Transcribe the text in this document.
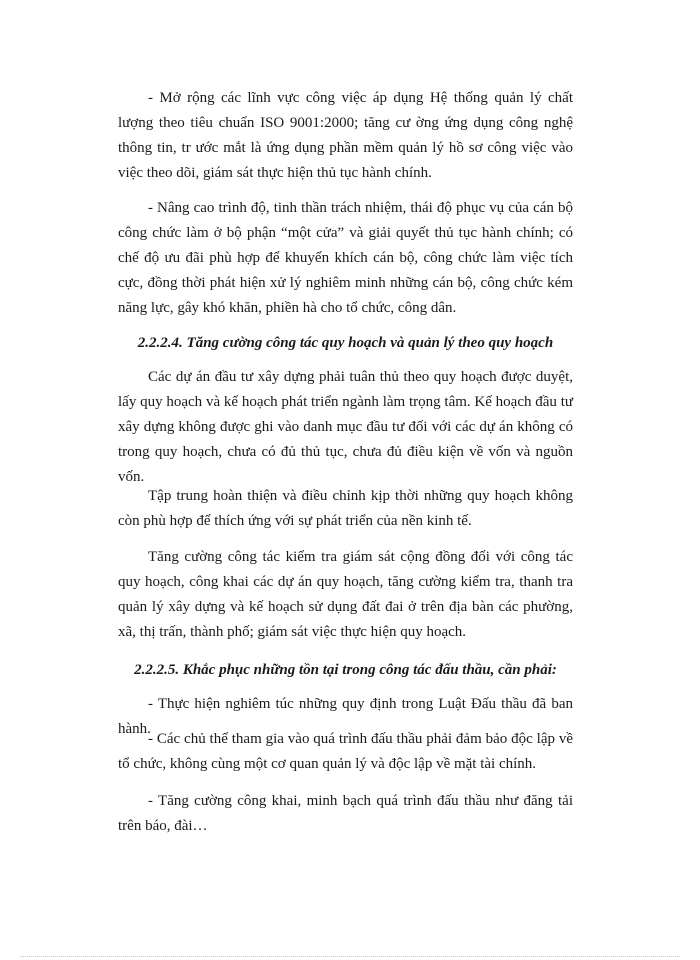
- Mở rộng các lĩnh vực công việc áp dụng Hệ thống quản lý chất lượng theo tiêu chuẩn ISO 9001:2000; tăng cư ờng ứng dụng công nghệ thông tin, tr ước mắt là ứng dụng phần mềm quản lý hồ sơ công việc vào việc theo dõi, giám sát thực hiện thủ tục hành chính.

- Nâng cao trình độ, tinh thần trách nhiệm, thái độ phục vụ của cán bộ công chức làm ở bộ phận “một cửa” và giải quyết thủ tục hành chính; có chế độ ưu đãi phù hợp để khuyến khích cán bộ, công chức làm việc tích cực, đồng thời phát hiện xử lý nghiêm minh những cán bộ, công chức kém năng lực, gây khó khăn, phiền hà cho tổ chức, công dân.

2.2.2.4. Tăng cường công tác quy hoạch và quản lý theo quy hoạch

Các dự án đầu tư xây dựng phải tuân thủ theo quy hoạch được duyệt, lấy quy hoạch và kế hoạch phát triển ngành làm trọng tâm. Kế hoạch đầu tư xây dựng không được ghi vào danh mục đầu tư đối với các dự án không có trong quy hoạch, chưa có đủ thủ tục, chưa đủ điều kiện về vốn và nguồn vốn.

Tập trung hoàn thiện và điều chỉnh kịp thời những quy hoạch không còn phù hợp để thích ứng với sự phát triển của nền kinh tế.

Tăng cường công tác kiểm tra giám sát cộng đồng đối với công tác quy hoạch, công khai các dự án quy hoạch, tăng cường kiểm tra, thanh tra quản lý xây dựng và kế hoạch sử dụng đất đai ở trên địa bàn các phường, xã, thị trấn, thành phố; giám sát việc thực hiện quy hoạch.

2.2.2.5. Khắc phục những tồn tại trong công tác đấu thầu, cần phải:

- Thực hiện nghiêm túc những quy định trong Luật Đấu thầu đã ban hành.

- Các chủ thể tham gia vào quá trình đấu thầu phải đảm bảo độc lập về tổ chức, không cùng một cơ quan quản lý và độc lập về mặt tài chính.

- Tăng cường công khai, minh bạch quá trình đấu thầu như đăng tải trên báo, đài…
